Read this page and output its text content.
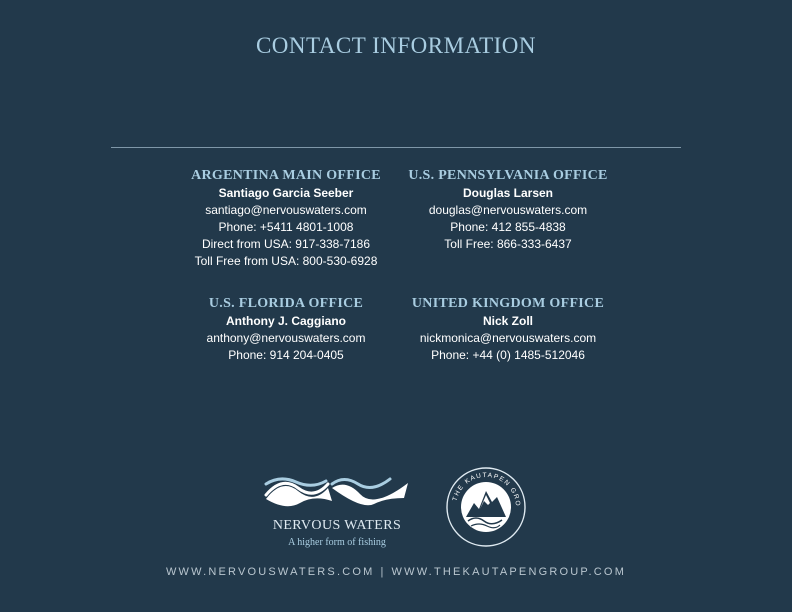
CONTACT INFORMATION
ARGENTINA MAIN OFFICE
Santiago Garcia Seeber
santiago@nervouswaters.com
Phone: +5411 4801-1008
Direct from USA: 917-338-7186
Toll Free from USA: 800-530-6928
U.S. PENNSYLVANIA OFFICE
Douglas Larsen
douglas@nervouswaters.com
Phone: 412 855-4838
Toll Free: 866-333-6437
U.S. FLORIDA OFFICE
Anthony J. Caggiano
anthony@nervouswaters.com
Phone: 914 204-0405
UNITED KINGDOM OFFICE
Nick Zoll
nickmonica@nervouswaters.com
Phone: +44 (0) 1485-512046
NERVOUS WATERS
A higher form of fishing
THE KAUTAPEN GRO
WWW.NERVOUSWATERS.COM | WWW.THEKAUTAPENGROUP.COM
